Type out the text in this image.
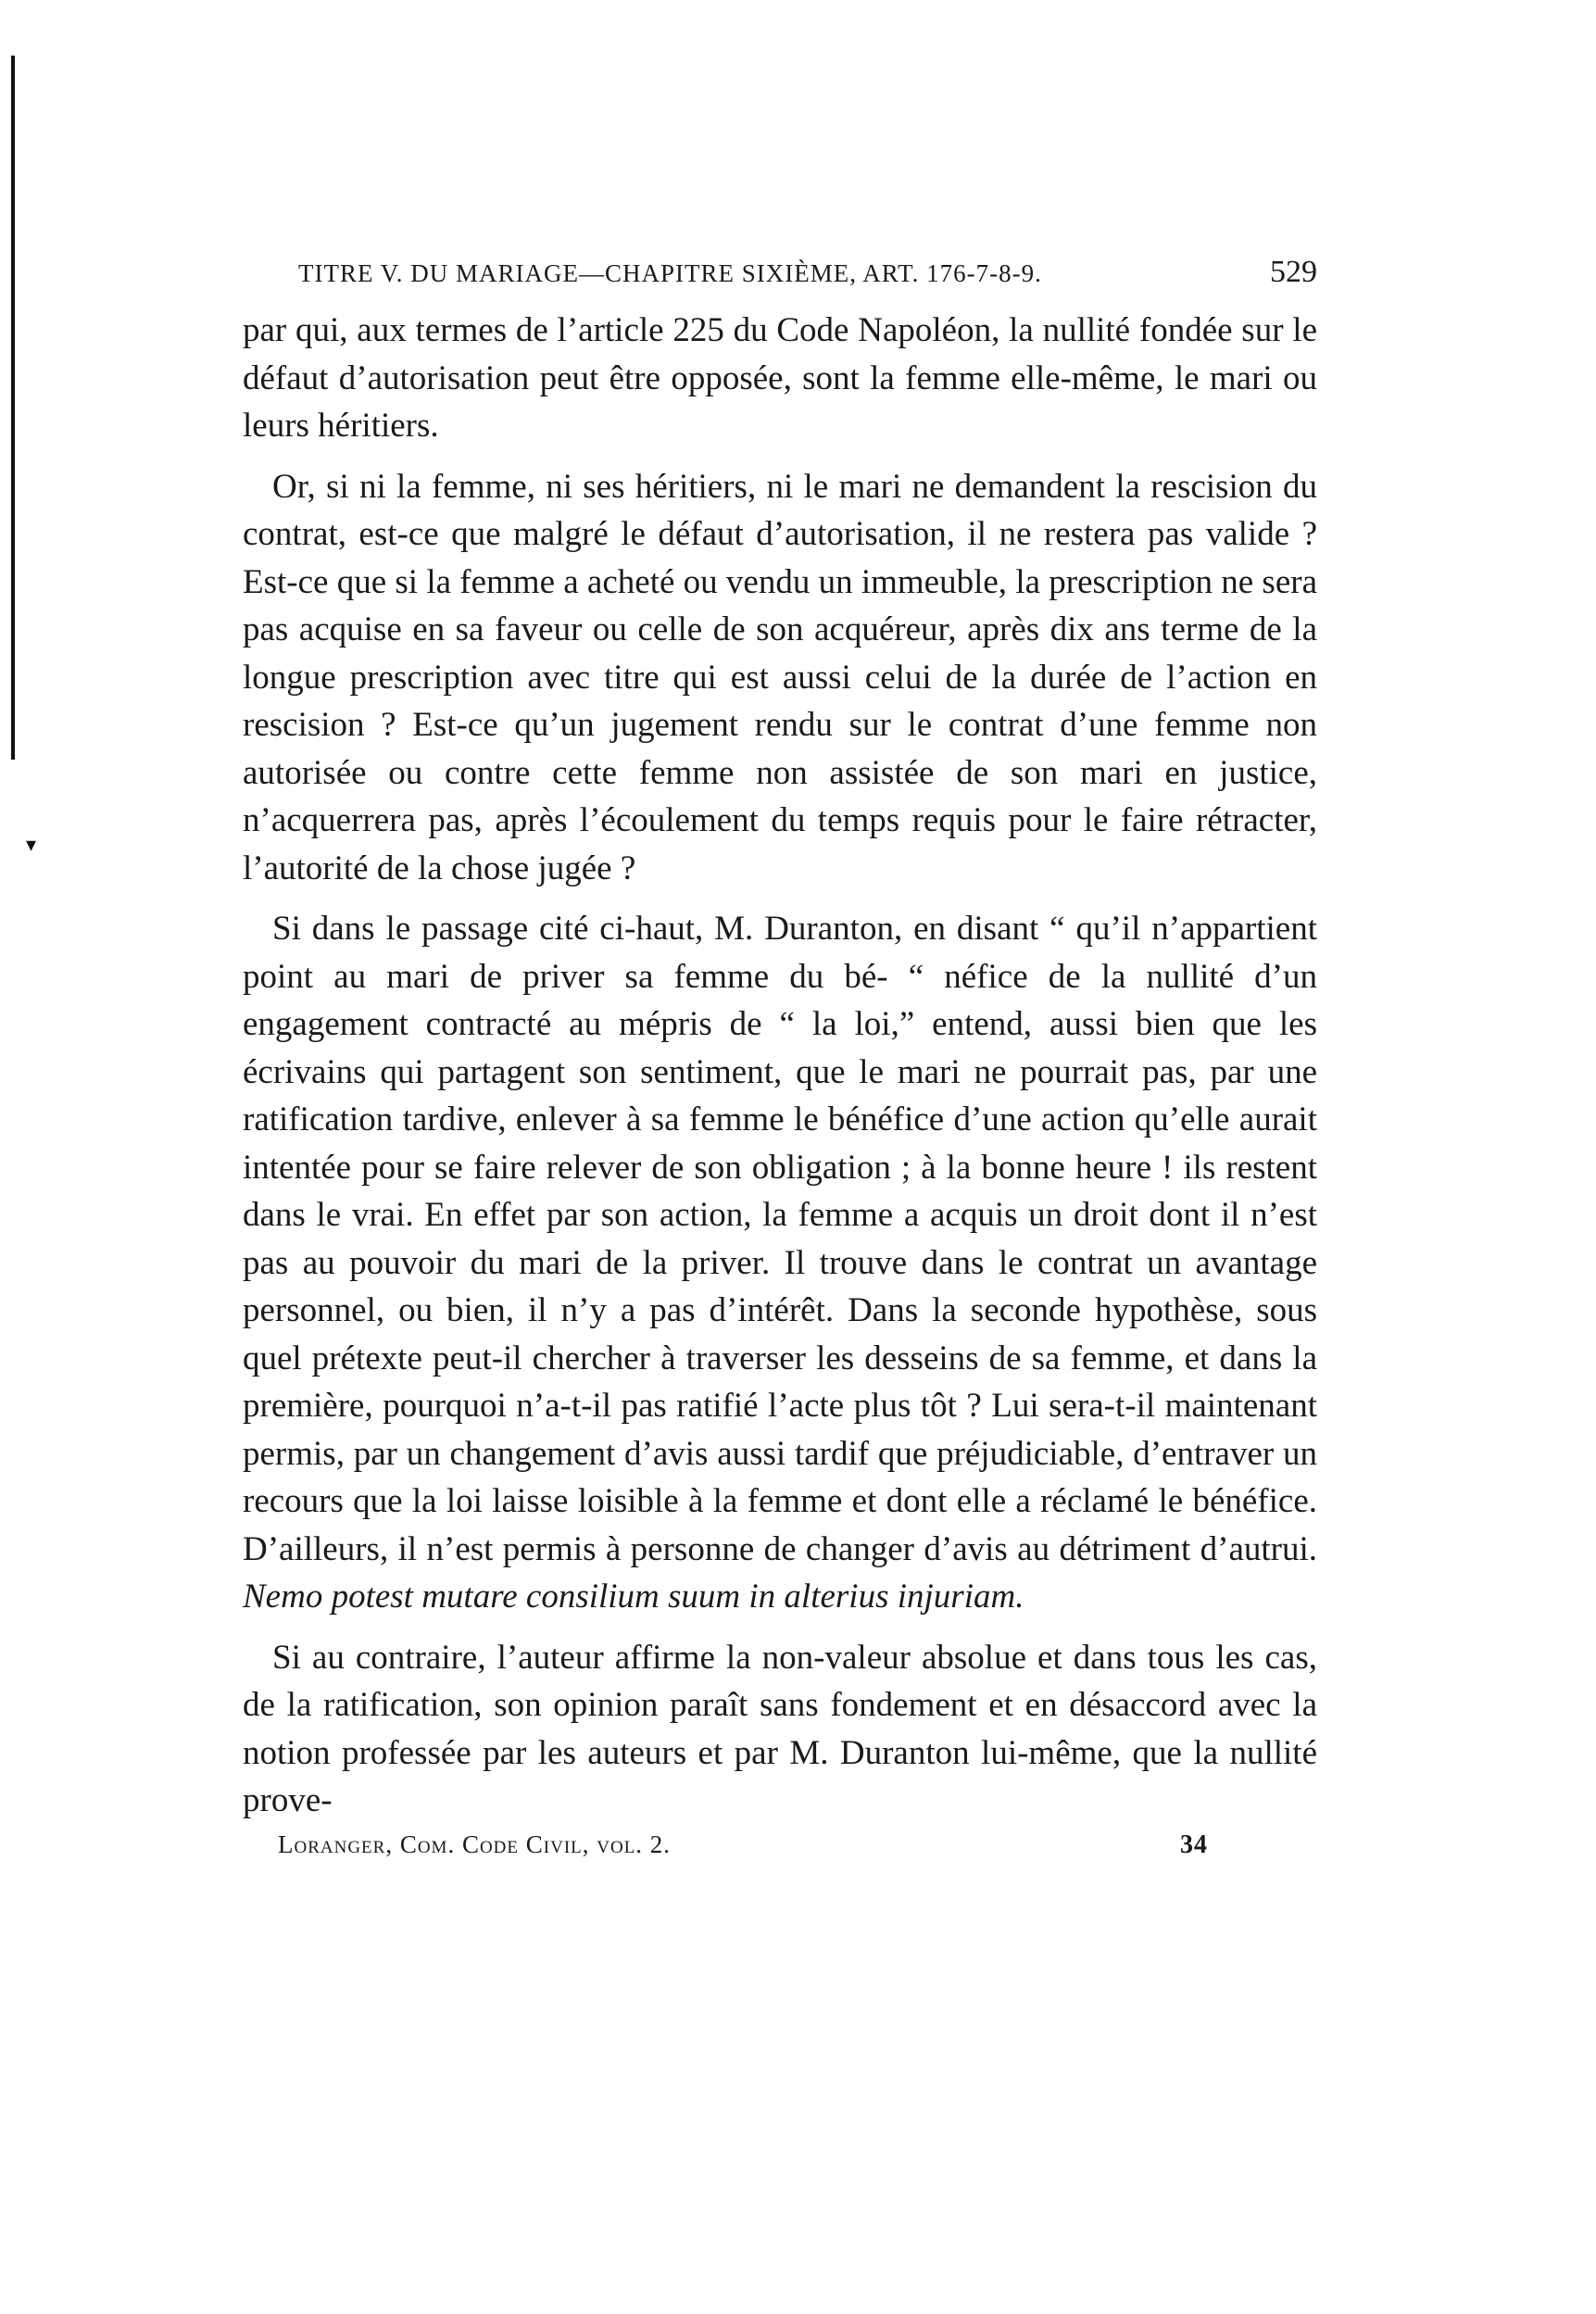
▾
TITRE V. DU MARIAGE—CHAPITRE SIXIÈME, ART. 176-7-8-9.	529

par qui, aux termes de l’article 225 du Code Napoléon, la nullité fondée sur le défaut d’autorisation peut être opposée, sont la femme elle-même, le mari ou leurs héritiers.

Or, si ni la femme, ni ses héritiers, ni le mari ne demandent la rescision du contrat, est-ce que malgré le défaut d’autorisation, il ne restera pas valide ? Est-ce que si la femme a acheté ou vendu un immeuble, la prescription ne sera pas acquise en sa faveur ou celle de son acquéreur, après dix ans terme de la longue prescription avec titre qui est aussi celui de la durée de l’action en rescision ? Est-ce qu’un jugement rendu sur le contrat d’une femme non autorisée ou contre cette femme non assistée de son mari en justice, n’acquerrera pas, après l’écoulement du temps requis pour le faire rétracter, l’autorité de la chose jugée ?

Si dans le passage cité ci-haut, M. Duranton, en disant “ qu’il n’appartient point au mari de priver sa femme du bé- “ néfice de la nullité d’un engagement contracté au mépris de “ la loi,” entend, aussi bien que les écrivains qui partagent son sentiment, que le mari ne pourrait pas, par une ratification tardive, enlever à sa femme le bénéfice d’une action qu’elle aurait intentée pour se faire relever de son obligation ; à la bonne heure ! ils restent dans le vrai. En effet par son action, la femme a acquis un droit dont il n’est pas au pouvoir du mari de la priver. Il trouve dans le contrat un avantage personnel, ou bien, il n’y a pas d’intérêt. Dans la seconde hypothèse, sous quel prétexte peut-il chercher à traverser les desseins de sa femme, et dans la première, pourquoi n’a-t-il pas ratifié l’acte plus tôt ? Lui sera-t-il maintenant permis, par un changement d’avis aussi tardif que préjudiciable, d’entraver un recours que la loi laisse loisible à la femme et dont elle a réclamé le bénéfice. D’ailleurs, il n’est permis à personne de changer d’avis au détriment d’autrui. Nemo potest mutare consilium suum in alterius injuriam.

Si au contraire, l’auteur affirme la non-valeur absolue et dans tous les cas, de la ratification, son opinion paraît sans fondement et en désaccord avec la notion professée par les auteurs et par M. Duranton lui-même, que la nullité prove-

Loranger, Com. Code Civil, vol. 2.	34
